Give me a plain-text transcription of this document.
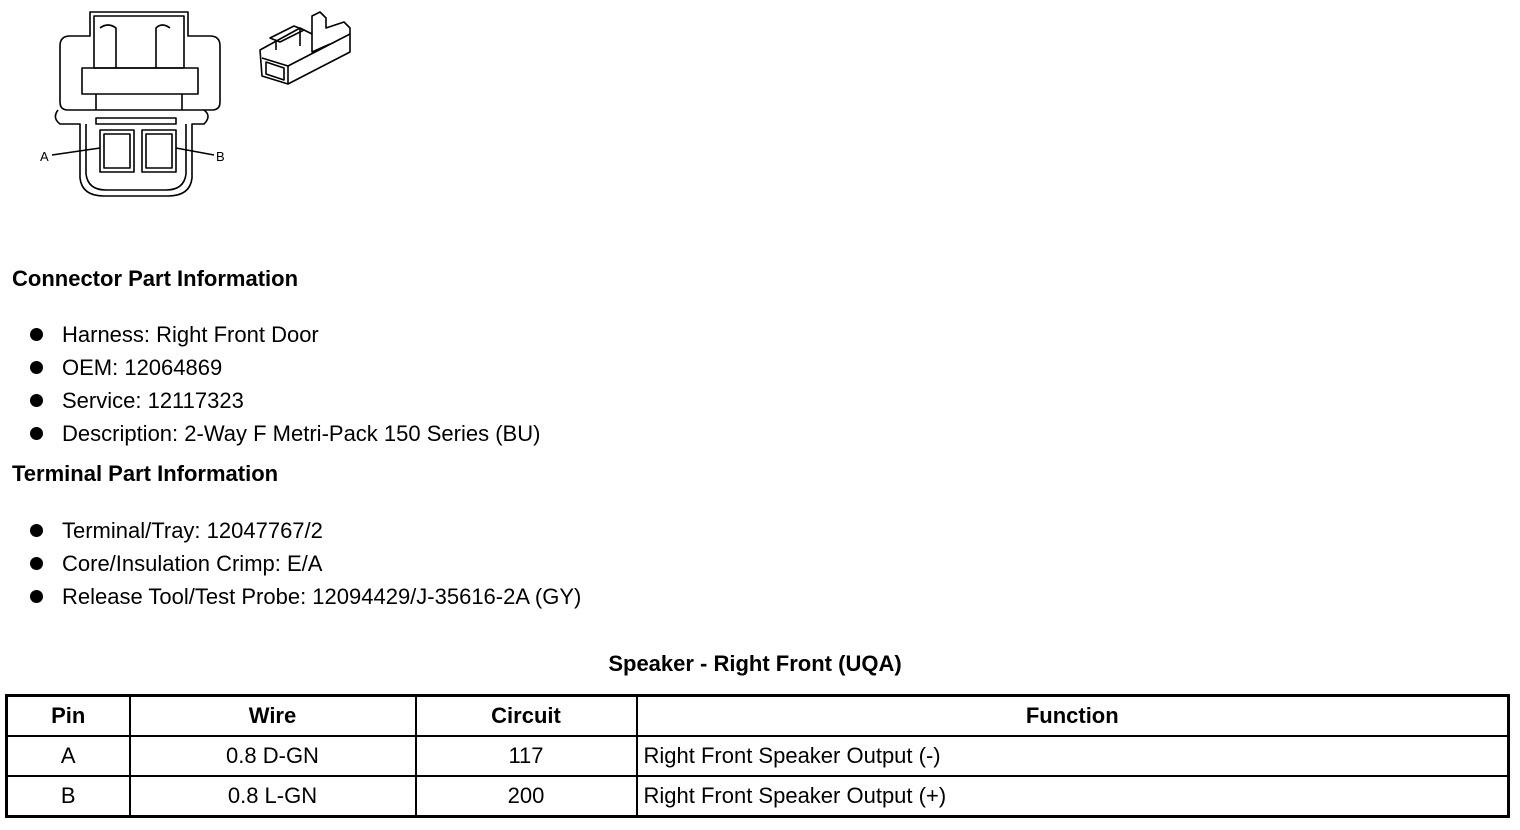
A	B
Connector Part Information
Harness: Right Front Door
OEM: 12064869
Service: 12117323
Description: 2-Way F Metri-Pack 150 Series (BU)
Terminal Part Information
Terminal/Tray: 12047767/2
Core/Insulation Crimp: E/A
Release Tool/Test Probe: 12094429/J-35616-2A (GY)
Speaker - Right Front (UQA)
Pin	Wire	Circuit	Function
A	0.8 D-GN	117	Right Front Speaker Output (-)
B	0.8 L-GN	200	Right Front Speaker Output (+)
